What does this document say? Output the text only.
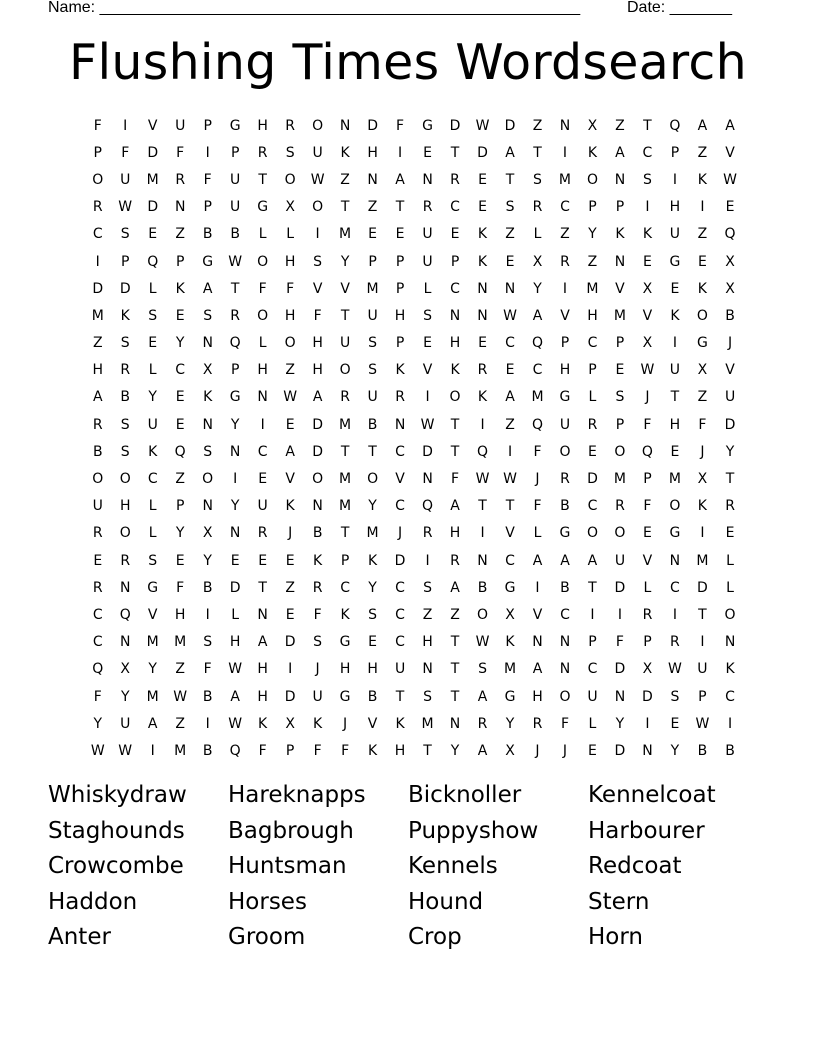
Name: ______________________________________________________	Date: _______
Flushing Times Wordsearch
F	I	V	U	P	G	H	R	O	N	D	F	G	D	W	D	Z	N	X	Z	T	Q	A	A
P	F	D	F	I	P	R	S	U	K	H	I	E	T	D	A	T	I	K	A	C	P	Z	V
O	U	M	R	F	U	T	O	W	Z	N	A	N	R	E	T	S	M	O	N	S	I	K	W
R	W	D	N	P	U	G	X	O	T	Z	T	R	C	E	S	R	C	P	P	I	H	I	E
C	S	E	Z	B	B	L	L	I	M	E	E	U	E	K	Z	L	Z	Y	K	K	U	Z	Q
I	P	Q	P	G	W	O	H	S	Y	P	P	U	P	K	E	X	R	Z	N	E	G	E	X
D	D	L	K	A	T	F	F	V	V	M	P	L	C	N	N	Y	I	M	V	X	E	K	X
M	K	S	E	S	R	O	H	F	T	U	H	S	N	N	W	A	V	H	M	V	K	O	B
Z	S	E	Y	N	Q	L	O	H	U	S	P	E	H	E	C	Q	P	C	P	X	I	G	J
H	R	L	C	X	P	H	Z	H	O	S	K	V	K	R	E	C	H	P	E	W	U	X	V
A	B	Y	E	K	G	N	W	A	R	U	R	I	O	K	A	M	G	L	S	J	T	Z	U
R	S	U	E	N	Y	I	E	D	M	B	N	W	T	I	Z	Q	U	R	P	F	H	F	D
B	S	K	Q	S	N	C	A	D	T	T	C	D	T	Q	I	F	O	E	O	Q	E	J	Y
O	O	C	Z	O	I	E	V	O	M	O	V	N	F	W	W	J	R	D	M	P	M	X	T
U	H	L	P	N	Y	U	K	N	M	Y	C	Q	A	T	T	F	B	C	R	F	O	K	R
R	O	L	Y	X	N	R	J	B	T	M	J	R	H	I	V	L	G	O	O	E	G	I	E
E	R	S	E	Y	E	E	E	K	P	K	D	I	R	N	C	A	A	A	U	V	N	M	L
R	N	G	F	B	D	T	Z	R	C	Y	C	S	A	B	G	I	B	T	D	L	C	D	L
C	Q	V	H	I	L	N	E	F	K	S	C	Z	Z	O	X	V	C	I	I	R	I	T	O
C	N	M	M	S	H	A	D	S	G	E	C	H	T	W	K	N	N	P	F	P	R	I	N
Q	X	Y	Z	F	W	H	I	J	H	H	U	N	T	S	M	A	N	C	D	X	W	U	K
F	Y	M	W	B	A	H	D	U	G	B	T	S	T	A	G	H	O	U	N	D	S	P	C
Y	U	A	Z	I	W	K	X	K	J	V	K	M	N	R	Y	R	F	L	Y	I	E	W	I
W	W	I	M	B	Q	F	P	F	F	K	H	T	Y	A	X	J	J	E	D	N	Y	B	B
Whiskydraw Hareknapps Bicknoller	Kennelcoat
Staghounds Bagbrough Puppyshow Harbourer
Crowcombe Huntsman	Kennels	Redcoat
Haddon	Horses	Hound	Stern
Anter	Groom	Crop	Horn
